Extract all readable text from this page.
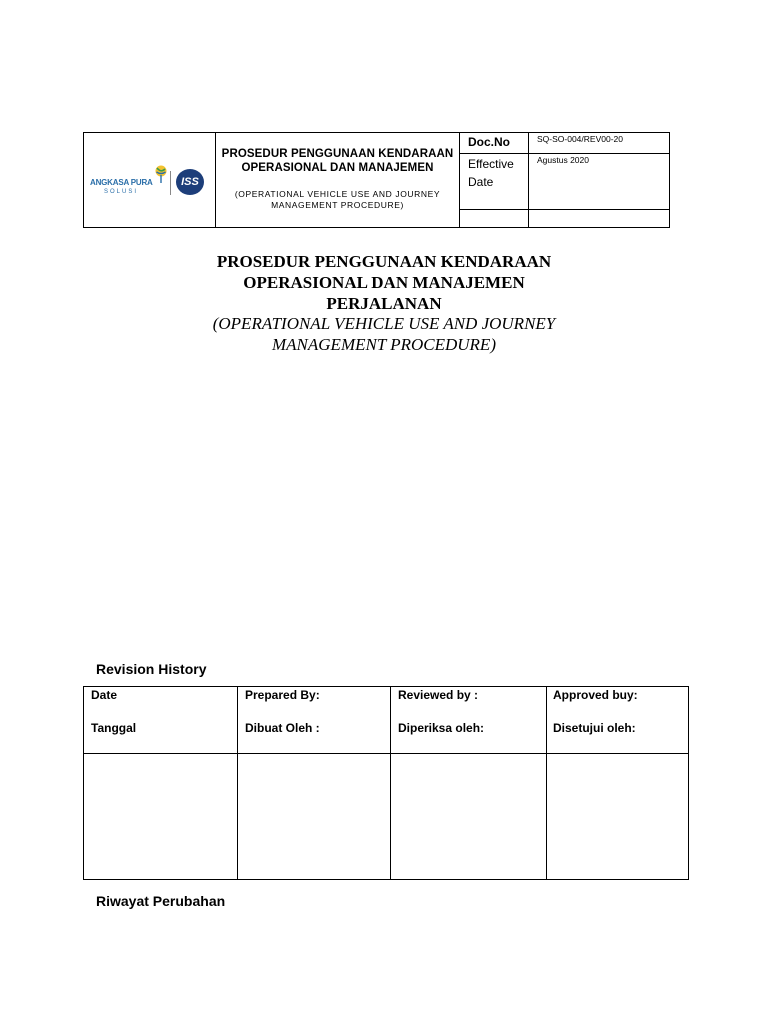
ANGKASA PURA
SOLUSI
ISS
PROSEDUR PENGGUNAAN KENDARAAN OPERASIONAL DAN MANAJEMEN
(OPERATIONAL VEHICLE USE AND JOURNEY MANAGEMENT PROCEDURE)
Doc.No
Effective Date
SQ-SO-004/REV00-20
Agustus 2020
PROSEDUR PENGGUNAAN KENDARAAN
OPERASIONAL DAN MANAJEMEN
PERJALANAN
(OPERATIONAL VEHICLE USE AND JOURNEY
MANAGEMENT PROCEDURE)
Revision History
Date
Tanggal
Prepared By:
Dibuat Oleh :
Reviewed by :
Diperiksa oleh:
Approved buy:
Disetujui oleh:
Riwayat Perubahan
